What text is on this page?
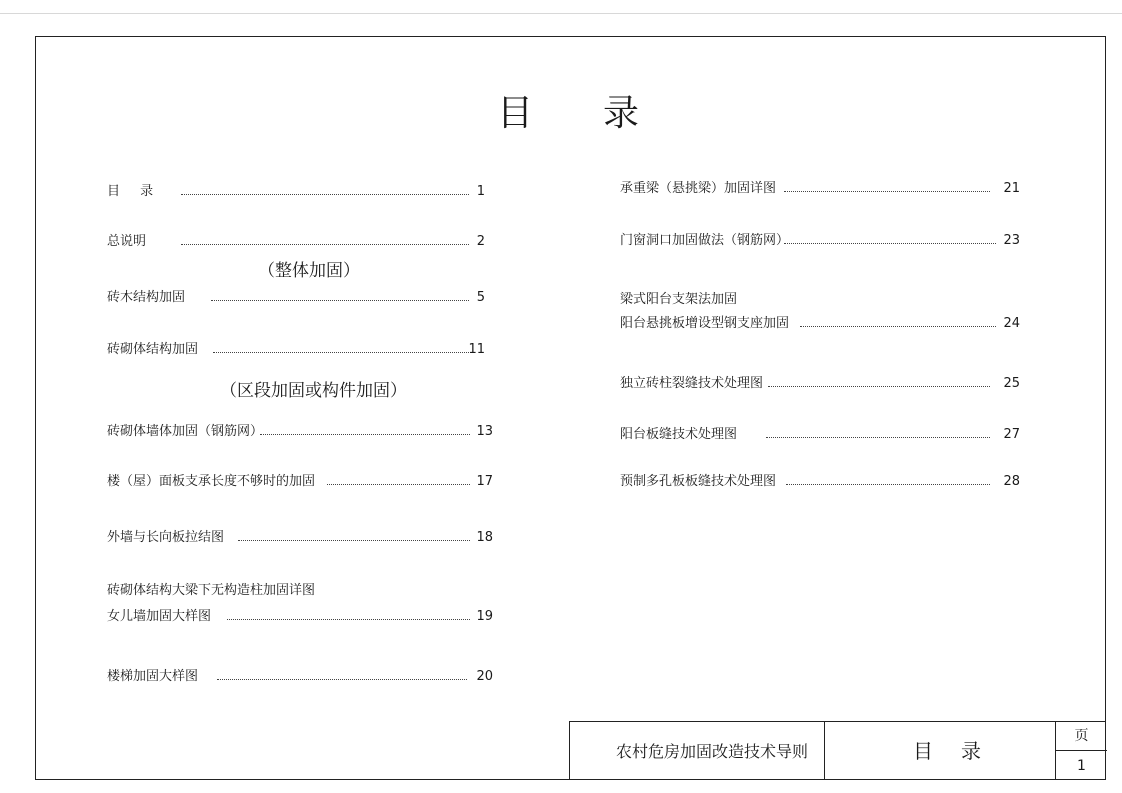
目 录
目 录	1
总说明	2
（整体加固）
砖木结构加固	5
砖砌体结构加固	11
（区段加固或构件加固）
砖砌体墙体加固（钢筋网）	13
楼（屋）面板支承长度不够时的加固	17
外墙与长向板拉结图	18
砖砌体结构大梁下无构造柱加固详图
女儿墙加固大样图	19
楼梯加固大样图	20
承重梁（悬挑梁）加固详图	21
门窗洞口加固做法（钢筋网）	23
梁式阳台支架法加固
阳台悬挑板增设型钢支座加固	24
独立砖柱裂缝技术处理图	25
阳台板缝技术处理图	27
预制多孔板板缝技术处理图	28
农村危房加固改造技术导则	目 录
页
1
